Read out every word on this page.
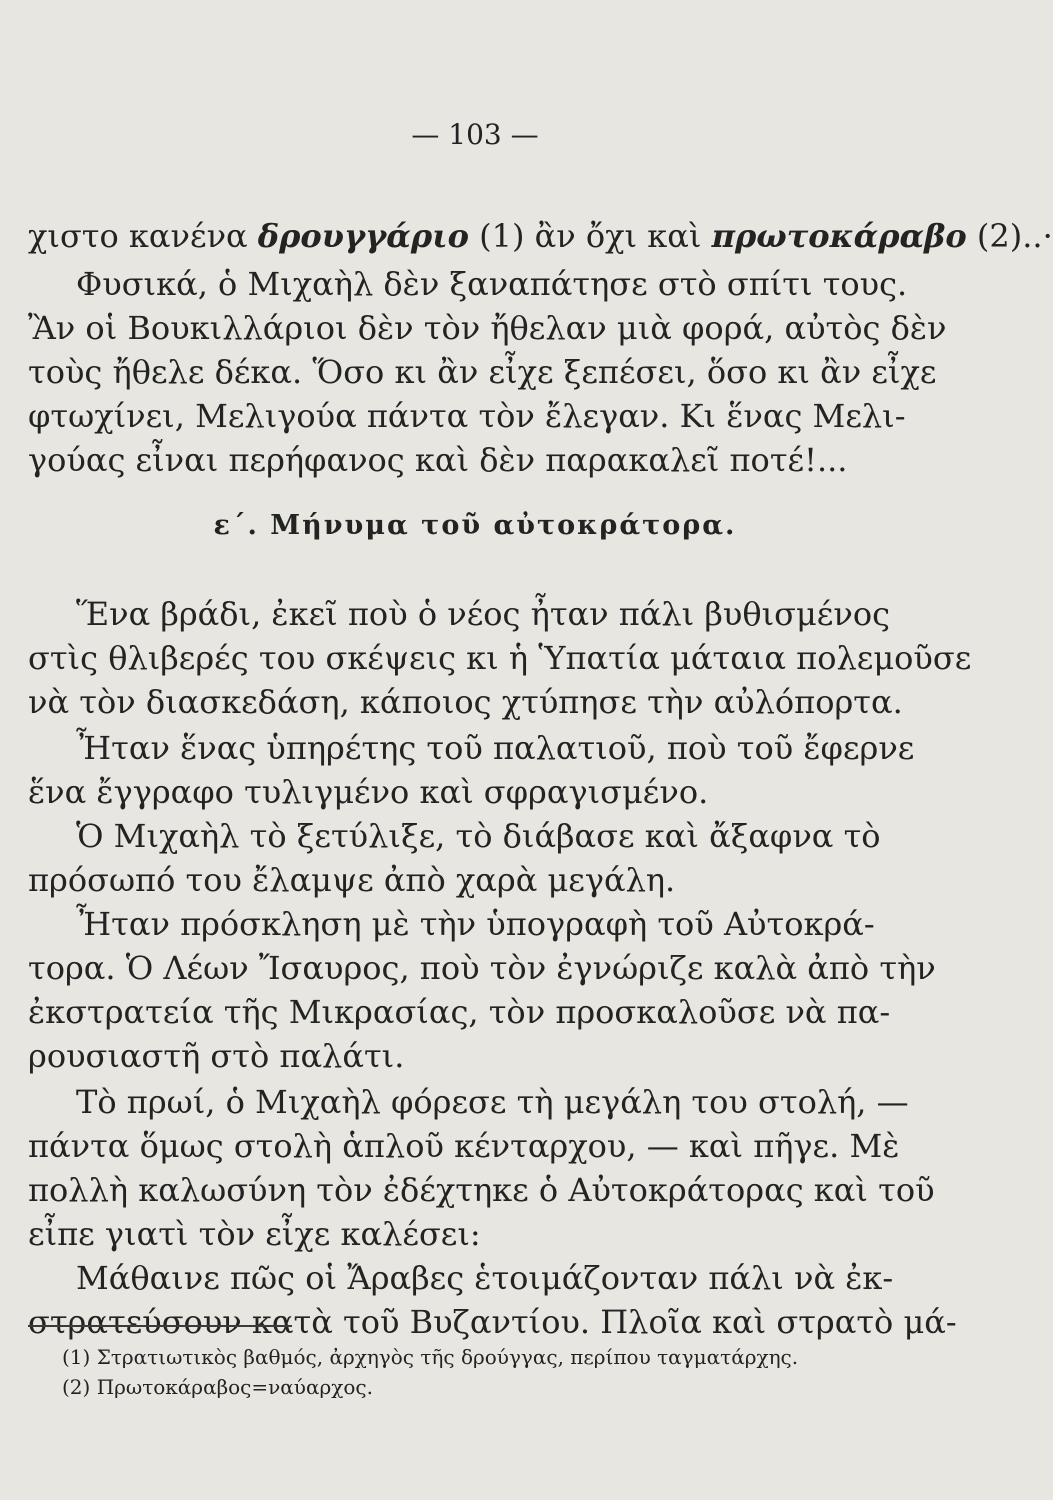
— 103 —
χιστο κανένα δρουγγάριο (1) ἂν ὄχι καὶ πρωτοκάραβο (2)..·
Φυσικά, ὁ Μιχαὴλ δὲν ξαναπάτησε στὸ σπίτι τους.
Ἂν οἱ Βουκιλλάριοι δὲν τὸν ἤθελαν μιὰ φορά, αὐτὸς δὲν
τοὺς ἤθελε δέκα. Ὅσο κι ἂν εἶχε ξεπέσει, ὅσο κι ἂν εἶχε
φτωχίνει, Μελιγούα πάντα τὸν ἔλεγαν. Κι ἕνας Μελι-
γούας εἶναι περήφανος καὶ δὲν παρακαλεῖ ποτέ!...
ε΄. Μήνυμα τοῦ αὐτοκράτορα.
Ἕνα βράδι, ἐκεῖ ποὺ ὁ νέος ἦταν πάλι βυθισμένος
στὶς θλιβερές του σκέψεις κι ἡ Ὑπατία μάταια πολεμοῦσε
νὰ τὸν διασκεδάση, κάποιος χτύπησε τὴν αὐλόπορτα.
Ἦταν ἕνας ὑπηρέτης τοῦ παλατιοῦ, ποὺ τοῦ ἔφερνε
ἕνα ἔγγραφο τυλιγμένο καὶ σφραγισμένο.
Ὁ Μιχαὴλ τὸ ξετύλιξε, τὸ διάβασε καὶ ἄξαφνα τὸ
πρόσωπό του ἔλαμψε ἀπὸ χαρὰ μεγάλη.
Ἦταν πρόσκληση μὲ τὴν ὑπογραφὴ τοῦ Αὐτοκρά-
τορα. Ὁ Λέων Ἴσαυρος, ποὺ τὸν ἐγνώριζε καλὰ ἀπὸ τὴν
ἐκστρατεία τῆς Μικρασίας, τὸν προσκαλοῦσε νὰ πα-
ρουσιαστῆ στὸ παλάτι.
Τὸ πρωί, ὁ Μιχαὴλ φόρεσε τὴ μεγάλη του στολή, —
πάντα ὅμως στολὴ ἁπλοῦ κένταρχου, — καὶ πῆγε. Μὲ
πολλὴ καλωσύνη τὸν ἐδέχτηκε ὁ Αὐτοκράτορας καὶ τοῦ
εἶπε γιατὶ τὸν εἶχε καλέσει:
Μάθαινε πῶς οἱ Ἄραβες ἑτοιμάζονταν πάλι νὰ ἐκ-
στρατεύσουν κατὰ τοῦ Βυζαντίου. Πλοῖα καὶ στρατὸ μά-
(1) Στρατιωτικὸς βαθμός, ἀρχηγὸς τῆς δρούγγας, περίπου ταγματάρχης.
(2) Πρωτοκάραβος=ναύαρχος.
